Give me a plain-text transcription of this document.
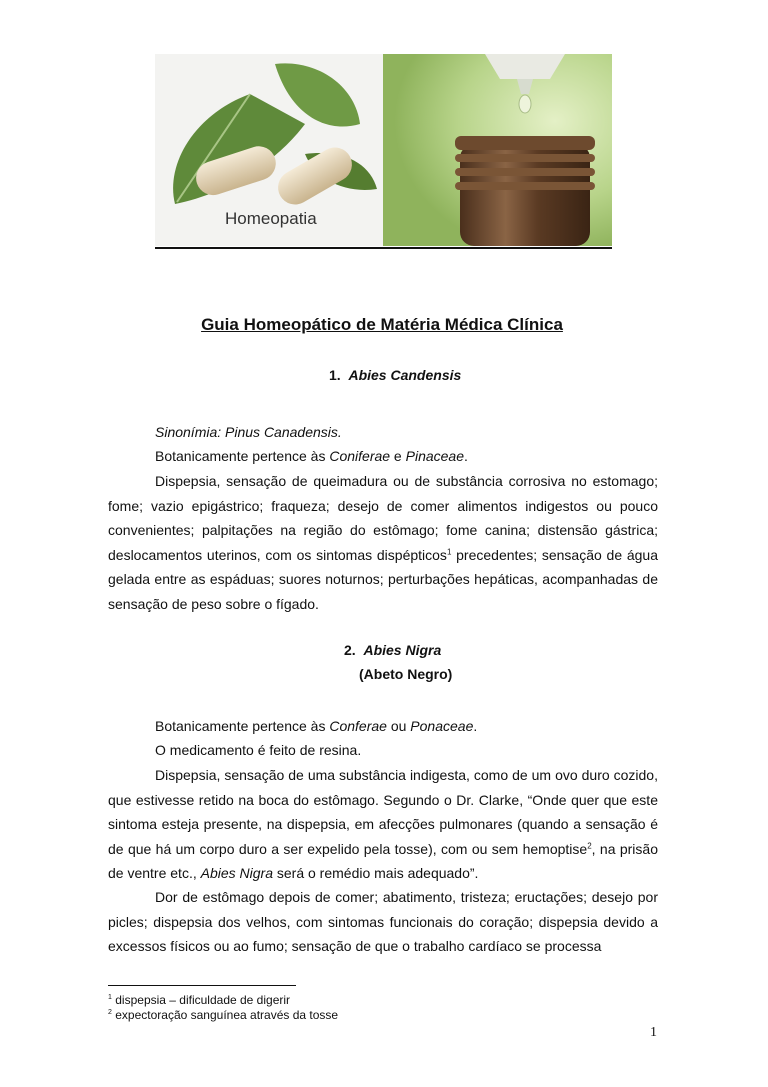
Homeopatia
Guia Homeopático de Matéria Médica Clínica
1. Abies Candensis

Sinonímia: Pinus Canadensis.

Botanicamente pertence às Coniferae e Pinaceae.

Dispepsia, sensação de queimadura ou de substância corrosiva no estomago; fome; vazio epigástrico; fraqueza; desejo de comer alimentos indigestos ou pouco convenientes; palpitações na região do estômago; fome canina; distensão gástrica; deslocamentos uterinos, com os sintomas dispépticos$^1$ precedentes; sensação de água gelada entre as espáduas; suores noturnos; perturbações hepáticas, acompanhadas de sensação de peso sobre o fígado.

2. Abies Nigra
(Abeto Negro)

Botanicamente pertence às Conferae ou Ponaceae.

O medicamento é feito de resina.

Dispepsia, sensação de uma substância indigesta, como de um ovo duro cozido, que estivesse retido na boca do estômago. Segundo o Dr. Clarke, “Onde quer que este sintoma esteja presente, na dispepsia, em afecções pulmonares (quando a sensação é de que há um corpo duro a ser expelido pela tosse), com ou sem hemoptise$^2$, na prisão de ventre etc., Abies Nigra será o remédio mais adequado”.

Dor de estômago depois de comer; abatimento, tristeza; eructações; desejo por picles; dispepsia dos velhos, com sintomas funcionais do coração; dispepsia devido a excessos físicos ou ao fumo; sensação de que o trabalho cardíaco se processa

$^1$ dispepsia – dificuldade de digerir
$^2$ expectoração sanguínea através da tosse
1
